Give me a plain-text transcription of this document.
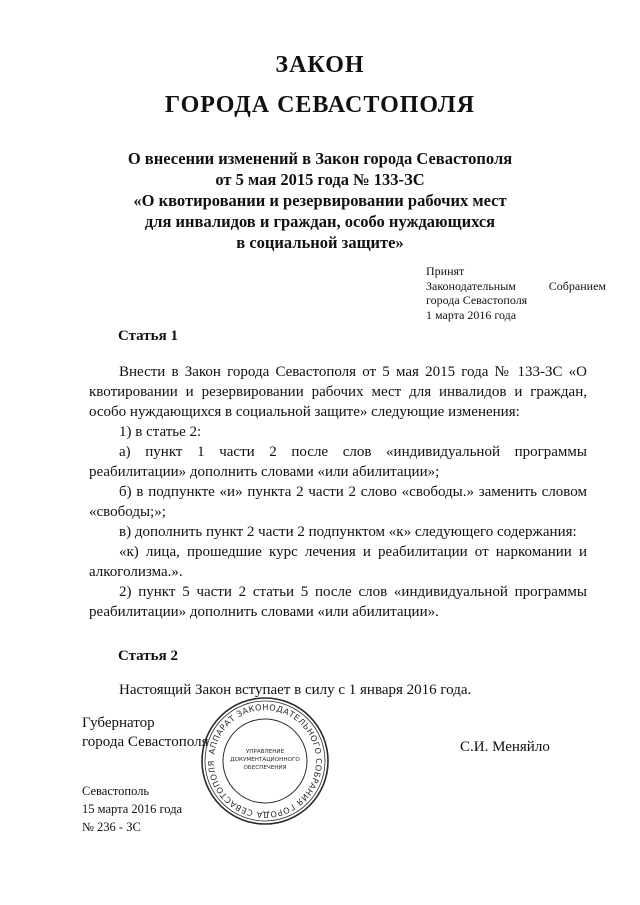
ЗАКОН
ГОРОДА СЕВАСТОПОЛЯ
О внесении изменений в Закон города Севастополя
от 5 мая 2015 года № 133-ЗС
«О квотировании и резервировании рабочих мест
для инвалидов и граждан, особо нуждающихся
в социальной защите»
Принят
Законодательным	Собранием
города Севастополя
1 марта 2016 года
Статья 1

Внести в Закон города Севастополя от 5 мая 2015 года № 133-ЗС «О квотировании и резервировании рабочих мест для инвалидов и граждан, особо нуждающихся в социальной защите» следующие изменения:

1) в статье 2:

а) пункт 1 части 2 после слов «индивидуальной программы реабилитации» дополнить словами «или абилитации»;

б) в подпункте «и» пункта 2 части 2 слово «свободы.» заменить словом «свободы;»;

в) дополнить пункт 2 части 2 подпунктом «к» следующего содержания:

«к) лица, прошедшие курс лечения и реабилитации от наркомании и алкоголизма.».

2) пункт 5 части 2 статьи 5 после слов «индивидуальной программы реабилитации» дополнить словами «или абилитации».

Статья 2

Настоящий Закон вступает в силу с 1 января 2016 года.

Губернатор
города Севастополя	С.И. Меняйло
АППАРАТ ЗАКОНОДАТЕЛЬНОГО СОБРАНИЯ ГОРОДА СЕВАСТОПОЛЯ
УПРАВЛЕНИЕ
ДОКУМЕНТАЦИОННОГО
ОБЕСПЕЧЕНИЯ
Севастополь
15 марта 2016 года
№ 236 - ЗС
